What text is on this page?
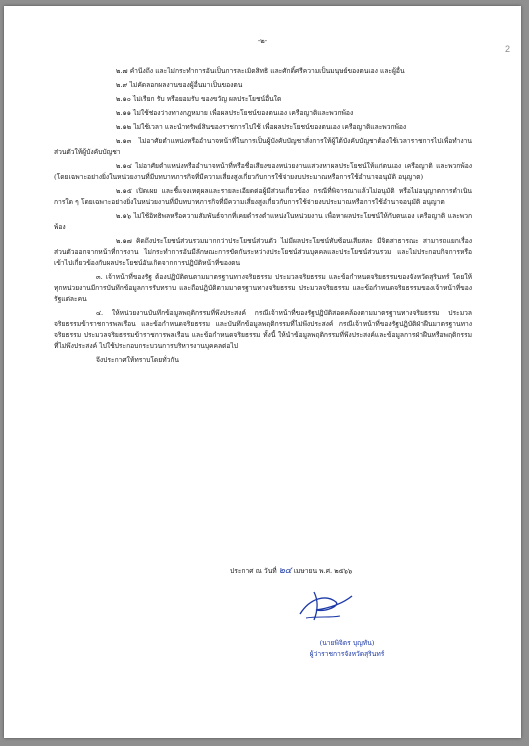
-๒-
2

๒.๗ คำนึงถึง และไม่กระทำการอันเป็นการละเมิดสิทธิ และศักดิ์ศรีความเป็นมนุษย์ของตนเอง และผู้อื่น

๒.๙ ไม่คัดลอกผลงานของผู้อื่นมาเป็นของตน

๒.๑๐ ไม่เรียก รับ หรือยอมรับ ของขวัญ ผลประโยชน์อื่นใด

๒.๑๑ ไม่ใช้ช่องว่างทางกฎหมาย เพื่อผลประโยชน์ของตนเอง เครือญาติและพวกพ้อง

๒.๑๒ ไม่ใช้เวลา และนำทรัพย์สินของราชการไปใช้ เพื่อผลประโยชน์ของตนเอง เครือญาติและพวกพ้อง

๒.๑๓ ไม่อาศัยตำแหน่งหรืออำนาจหน้าที่ในการเป็นผู้บังคับบัญชาสั่งการให้ผู้ใต้บังคับบัญชาต้องใช้เวลาราชการไปเพื่อทำงานส่วนตัวให้ผู้บังคับบัญชา

๒.๑๔ ไม่อาศัยตำแหน่งหรืออำนาจหน้าที่หรือชื่อเสียงของหน่วยงานแสวงหาผลประโยชน์ให้แก่ตนเอง เครือญาติ และพวกพ้อง (โดยเฉพาะอย่างยิ่งในหน่วยงานที่มีบทบาทภารกิจที่มีความเสี่ยงสูงเกี่ยวกับการใช้จ่ายงบประมาณหรือการใช้อำนาจอนุมัติ อนุญาต)

๒.๑๕ เปิดเผย และชี้แจงเหตุผลและรายละเอียดต่อผู้มีส่วนเกี่ยวข้อง กรณีที่พิจารณาแล้วไม่อนุมัติ หรือไม่อนุญาตการดำเนินการใด ๆ โดยเฉพาะอย่างยิ่งในหน่วยงานที่มีบทบาทภารกิจที่มีความเสี่ยงสูงเกี่ยวกับการใช้จ่ายงบประมาณหรือการใช้อำนาจอนุมัติ อนุญาต

๒.๑๖ ไม่ใช้อิทธิพลหรือความสัมพันธ์จากที่เคยดำรงตำแหน่งในหน่วยงาน เพื่อหาผลประโยชน์ให้กับตนเอง เครือญาติ และพวกพ้อง

๒.๑๗ คิดถึงประโยชน์ส่วนรวมมากกว่าประโยชน์ส่วนตัว ไม่มีผลประโยชน์ทับซ้อนเสียสละ มีจิตสาธารณะ สามารถแยกเรื่องส่วนตัวออกจากหน้าที่การงาน ไม่กระทำการอันมีลักษณะการขัดกันระหว่างประโยชน์ส่วนบุคคลและประโยชน์ส่วนรวม และไม่ประกอบกิจการหรือเข้าไปเกี่ยวข้องกับผลประโยชน์อันเกิดจากการปฏิบัติหน้าที่ของตน

๓. เจ้าหน้าที่ของรัฐ ต้องปฏิบัติตนตามมาตรฐานทางจริยธรรม ประมวลจริยธรรม และข้อกำหนดจริยธรรมของจังหวัดสุรินทร์ โดยให้ทุกหน่วยงานมีการบันทึกข้อมูลการรับทราบ และถือปฏิบัติตามมาตรฐานทางจริยธรรม ประมวลจริยธรรม และข้อกำหนดจริยธรรมของเจ้าหน้าที่ของรัฐแต่ละคน

๔. ให้หน่วยงานบันทึกข้อมูลพฤติกรรมที่พึงประสงค์ กรณีเจ้าหน้าที่ของรัฐปฏิบัติสอดคล้องตามมาตรฐานทางจริยธรรม ประมวลจริยธรรมข้าราชการพลเรือน และข้อกำหนดจริยธรรม และบันทึกข้อมูลพฤติกรรมที่ไม่พึงประสงค์ กรณีเจ้าหน้าที่ของรัฐปฏิบัติฝ่าฝืนมาตรฐานทางจริยธรรม ประมวลจริยธรรมข้าราชการพลเรือน และข้อกำหนดจริยธรรม ทั้งนี้ ให้นำข้อมูลพฤติกรรมที่พึงประสงค์และข้อมูลการฝ่าฝืนหรือพฤติกรรมที่ไม่พึงประสงค์ ไปใช้ประกอบกระบวนการบริหารงานบุคคลต่อไป

จึงประกาศให้ทราบโดยทั่วกัน

ประกาศ ณ วันที่ ๒๔ เมษายน พ.ศ. ๒๕๖๖
(นายพิจิตร บุญทัน)
ผู้ว่าราชการจังหวัดสุรินทร์
